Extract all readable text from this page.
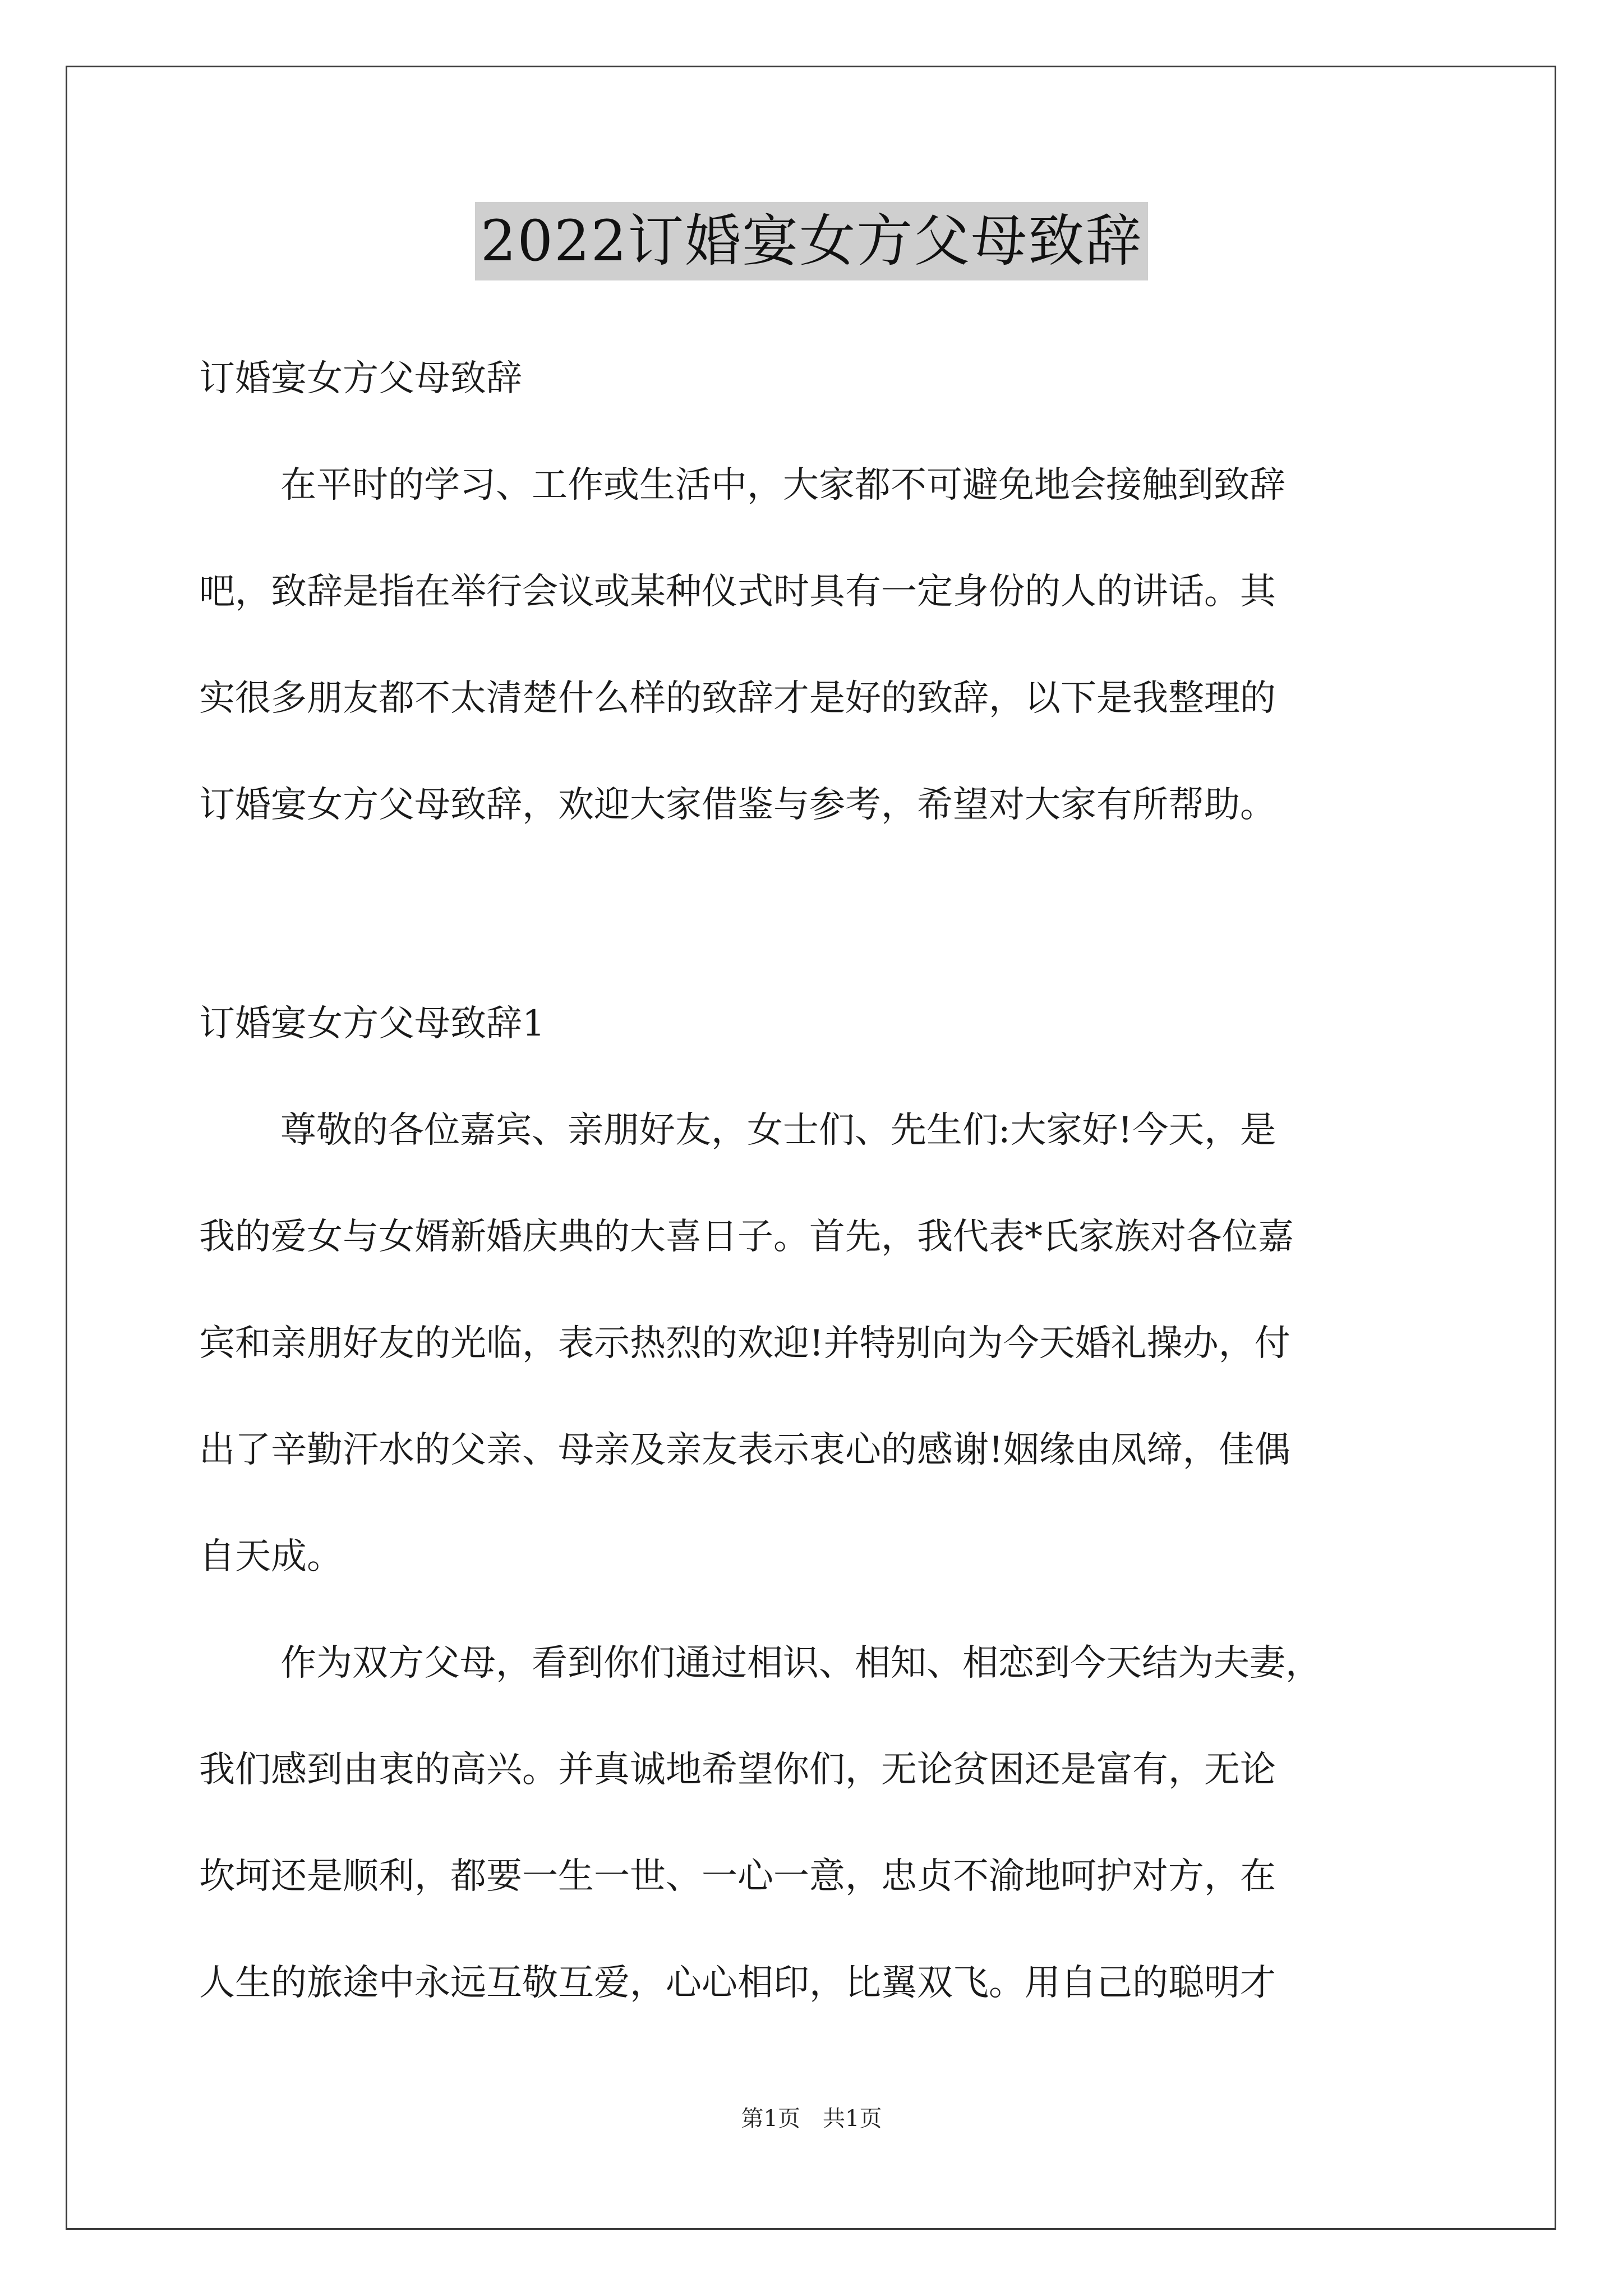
2022订婚宴女方父母致辞
订婚宴女方父母致辞
在平时的学习、工作或生活中，大家都不可避免地会接触到致辞
吧，致辞是指在举行会议或某种仪式时具有一定身份的人的讲话。其
实很多朋友都不太清楚什么样的致辞才是好的致辞，以下是我整理的
订婚宴女方父母致辞，欢迎大家借鉴与参考，希望对大家有所帮助。
订婚宴女方父母致辞1
尊敬的各位嘉宾、亲朋好友，女士们、先生们:大家好!今天，是
我的爱女与女婿新婚庆典的大喜日子。首先，我代表*氏家族对各位嘉
宾和亲朋好友的光临，表示热烈的欢迎!并特别向为今天婚礼操办，付
出了辛勤汗水的父亲、母亲及亲友表示衷心的感谢!姻缘由凤缔，佳偶
自天成。
作为双方父母，看到你们通过相识、相知、相恋到今天结为夫妻，
我们感到由衷的高兴。并真诚地希望你们，无论贫困还是富有，无论
坎坷还是顺利，都要一生一世、一心一意，忠贞不渝地呵护对方，在
人生的旅途中永远互敬互爱，心心相印，比翼双飞。用自己的聪明才
第1页　共1页
